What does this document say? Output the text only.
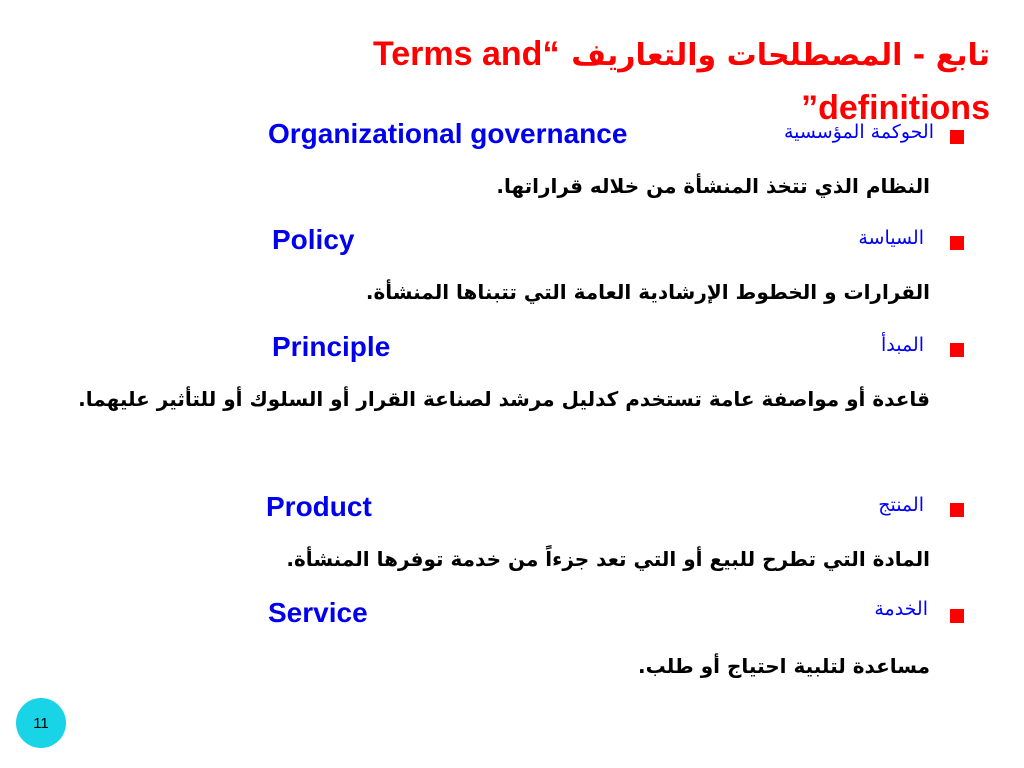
تابع - المصطلحات والتعاريف “Terms and definitions”
الحوكمة المؤسسية
Organizational governance
النظام الذي تتخذ المنشأة من خلاله قراراتها.
السياسة
Policy
القرارات و الخطوط الإرشادية العامة التي تتبناها المنشأة.
المبدأ
Principle
قاعدة أو مواصفة عامة تستخدم كدليل مرشد لصناعة القرار أو السلوك أو للتأثير عليهما.
المنتج
Product
المادة التي تطرح للبيع أو التي تعد جزءاً من خدمة توفرها المنشأة.
الخدمة
Service
مساعدة لتلبية احتياج أو طلب.
11
